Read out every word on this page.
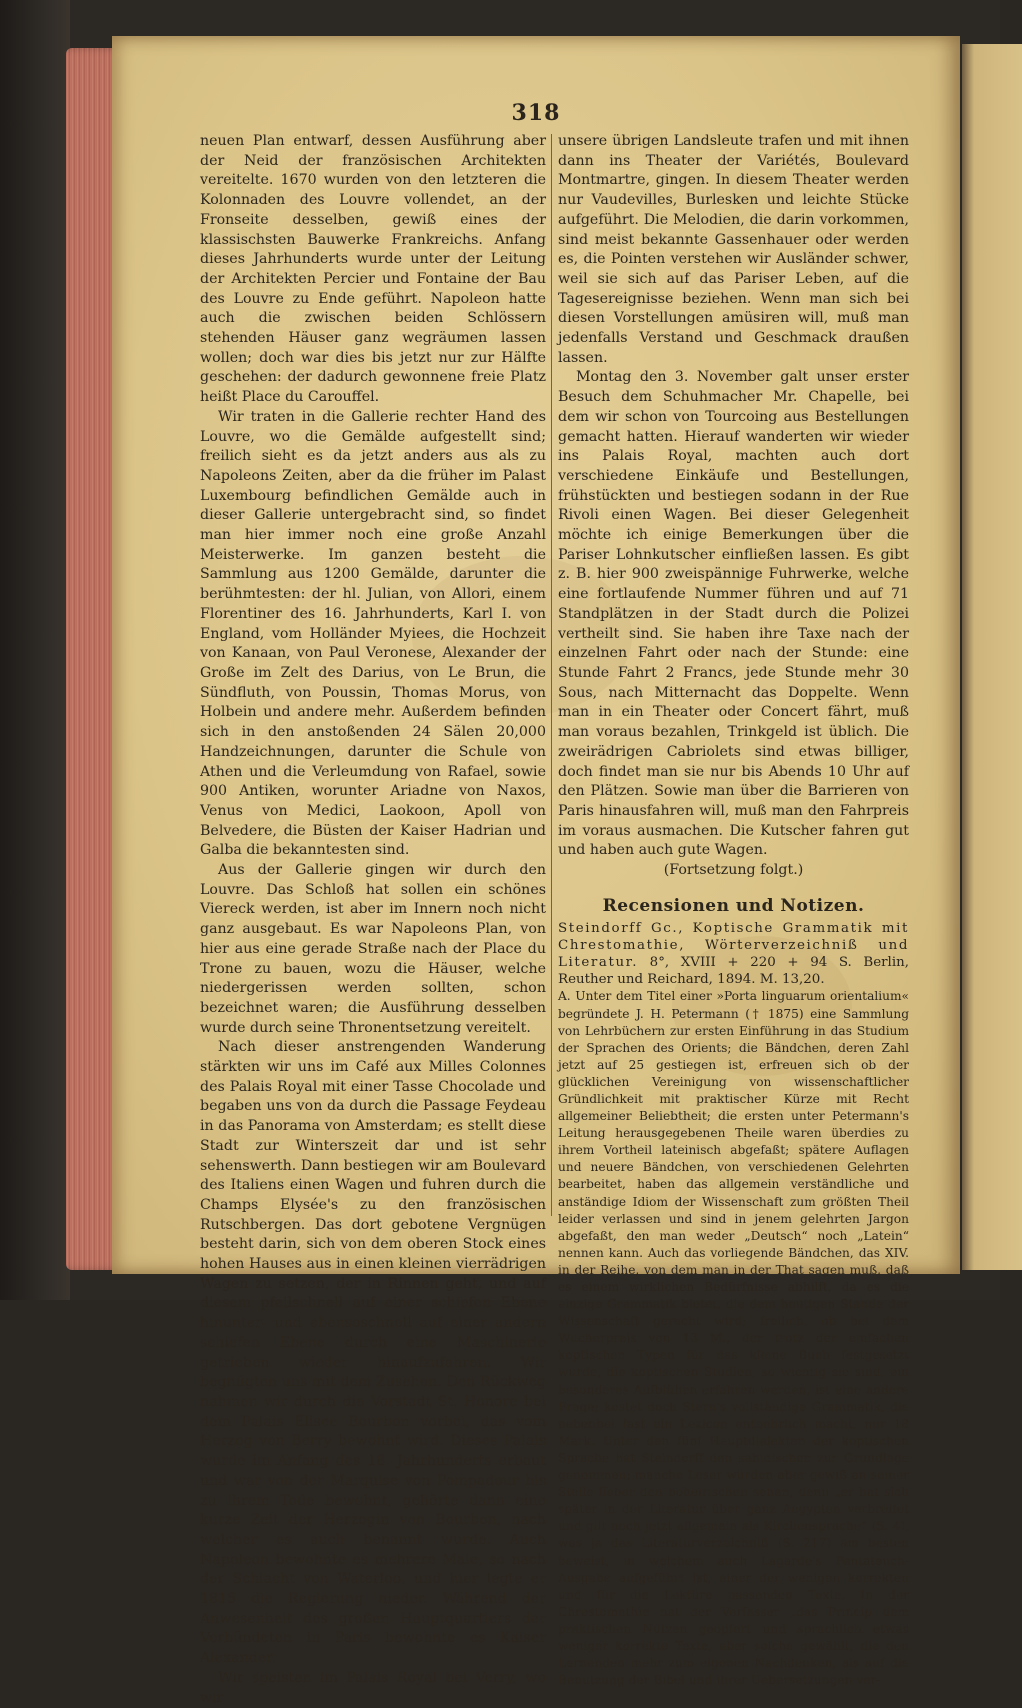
318

neuen Plan entwarf, dessen Ausführung aber der Neid der französischen Architekten vereitelte. 1670 wurden von den letzteren die Kolonnaden des Louvre vollendet, an der Fronseite desselben, gewiß eines der klassischsten Bauwerke Frankreichs. Anfang dieses Jahrhunderts wurde unter der Leitung der Architekten Percier und Fontaine der Bau des Louvre zu Ende geführt. Napoleon hatte auch die zwischen beiden Schlössern stehenden Häuser ganz wegräumen lassen wollen; doch war dies bis jetzt nur zur Hälfte geschehen: der dadurch gewonnene freie Platz heißt Place du Carouffel.

Wir traten in die Gallerie rechter Hand des Louvre, wo die Gemälde aufgestellt sind; freilich sieht es da jetzt anders aus als zu Napoleons Zeiten, aber da die früher im Palast Luxembourg befindlichen Gemälde auch in dieser Gallerie untergebracht sind, so findet man hier immer noch eine große Anzahl Meisterwerke. Im ganzen besteht die Sammlung aus 1200 Gemälde, darunter die berühmtesten: der hl. Julian, von Allori, einem Florentiner des 16. Jahrhunderts, Karl I. von England, vom Holländer Myiees, die Hochzeit von Kanaan, von Paul Veronese, Alexander der Große im Zelt des Darius, von Le Brun, die Sündfluth, von Poussin, Thomas Morus, von Holbein und andere mehr. Außerdem befinden sich in den anstoßenden 24 Sälen 20,000 Handzeichnungen, darunter die Schule von Athen und die Verleumdung von Rafael, sowie 900 Antiken, worunter Ariadne von Naxos, Venus von Medici, Laokoon, Apoll von Belvedere, die Büsten der Kaiser Hadrian und Galba die bekanntesten sind.

Aus der Gallerie gingen wir durch den Louvre. Das Schloß hat sollen ein schönes Viereck werden, ist aber im Innern noch nicht ganz ausgebaut. Es war Napoleons Plan, von hier aus eine gerade Straße nach der Place du Trone zu bauen, wozu die Häuser, welche niedergerissen werden sollten, schon bezeichnet waren; die Ausführung desselben wurde durch seine Thronentsetzung vereitelt.

Nach dieser anstrengenden Wanderung stärkten wir uns im Café aux Milles Colonnes des Palais Royal mit einer Tasse Chocolade und begaben uns von da durch die Passage Feydeau in das Panorama von Amsterdam; es stellt diese Stadt zur Winterszeit dar und ist sehr sehenswerth. Dann bestiegen wir am Boulevard des Italiens einen Wagen und fuhren durch die Champs Elysée's zu den französischen Rutschbergen. Das dort gebotene Vergnügen besteht darin, sich von dem oberen Stock eines hohen Hauses aus in einen kleinen vierrädrigen Wagen zu setzen, der in Rinnen geht, und auf diesem pfeilschnell auf einer schiefen Ebene hinunter- und ebensoschnell auf einer andern schiefen Ebene durch eine Maschinerie getrieben wieder hinaufzufahren. Wir begnügten uns mit dem Zusehen. Den Rückweg nahmen wir durch die Vorstadt St. Honore bei dem Palais Elisee Bourbon vorbei, das vom Herzog von Berry bewohnt wird. Dieses Palais wurde im Anfang des 18. Jahrhunderts erbaut und war von der Marquise von Pompadour bis zu ihrem Tode bewohnt, gehörte dann eine kurze Zeit der Herzogin von Bourbon, nach welcher es auch benannt wurde. Auch Napoleon bewohnte es mehrere Male, so nach der Schlacht von Waterloo, und hier legte er 1815 die Regierung nieder. Während der Anwesenheit des großen Hauptquartiers der Verbündeten in Paris bewohnte es Kaiser Alexander.

Wir speisten im Palais Royal bei Verry, wo wir

unsere übrigen Landsleute trafen und mit ihnen dann ins Theater der Variétés, Boulevard Montmartre, gingen. In diesem Theater werden nur Vaudevilles, Burlesken und leichte Stücke aufgeführt. Die Melodien, die darin vorkommen, sind meist bekannte Gassenhauer oder werden es, die Pointen verstehen wir Ausländer schwer, weil sie sich auf das Pariser Leben, auf die Tagesereignisse beziehen. Wenn man sich bei diesen Vorstellungen amüsiren will, muß man jedenfalls Verstand und Geschmack draußen lassen.

Montag den 3. November galt unser erster Besuch dem Schuhmacher Mr. Chapelle, bei dem wir schon von Tourcoing aus Bestellungen gemacht hatten. Hierauf wanderten wir wieder ins Palais Royal, machten auch dort verschiedene Einkäufe und Bestellungen, frühstückten und bestiegen sodann in der Rue Rivoli einen Wagen. Bei dieser Gelegenheit möchte ich einige Bemerkungen über die Pariser Lohnkutscher einfließen lassen. Es gibt z. B. hier 900 zweispännige Fuhrwerke, welche eine fortlaufende Nummer führen und auf 71 Standplätzen in der Stadt durch die Polizei vertheilt sind. Sie haben ihre Taxe nach der einzelnen Fahrt oder nach der Stunde: eine Stunde Fahrt 2 Francs, jede Stunde mehr 30 Sous, nach Mitternacht das Doppelte. Wenn man in ein Theater oder Concert fährt, muß man voraus bezahlen, Trinkgeld ist üblich. Die zweirädrigen Cabriolets sind etwas billiger, doch findet man sie nur bis Abends 10 Uhr auf den Plätzen. Sowie man über die Barrieren von Paris hinausfahren will, muß man den Fahrpreis im voraus ausmachen. Die Kutscher fahren gut und haben auch gute Wagen.

(Fortsetzung folgt.)

Recensionen und Notizen.

Steindorff Gc., Koptische Grammatik mit Chrestomathie, Wörterverzeichniß und Literatur. 8°, XVIII + 220 + 94 S. Berlin, Reuther und Reichard, 1894. M. 13,20.

A. Unter dem Titel einer »Porta linguarum orientalium« begründete J. H. Petermann († 1875) eine Sammlung von Lehrbüchern zur ersten Einführung in das Studium der Sprachen des Orients; die Bändchen, deren Zahl jetzt auf 25 gestiegen ist, erfreuen sich ob der glücklichen Vereinigung von wissenschaftlicher Gründlichkeit mit praktischer Kürze mit Recht allgemeiner Beliebtheit; die ersten unter Petermann's Leitung herausgegebenen Theile waren überdies zu ihrem Vortheil lateinisch abgefaßt; spätere Auflagen und neuere Bändchen, von verschiedenen Gelehrten bearbeitet, haben das allgemein verständliche und anständige Idiom der Wissenschaft zum größten Theil leider verlassen und sind in jenem gelehrten Jargon abgefaßt, den man weder „Deutsch“ noch „Latein“ nennen kann. Auch das vorliegende Bändchen, das XIV. in der Reihe, von dem man in der That sagen muß, daß es einem wirklichen Bedürfnisse abhilft, da es die einzige Grammatik bietet, die dem heutigen Stande der Wissenschaft gerecht wird; freilich, ob bei dem Wucherpreis von 13 M., der trotz der einfachen koptischen Typen für das kleine Buch festgesetzt wurde, die koptischen Studien, so wichtig sie sind, ein besonderes Aufblühen erfahren werden, ist eine andere Frage; kostet doch Stern's vollständige Grammatik, die nebenbei fast ein Lexicon entbehrlich macht, nur 18 Mark. Unter den fünf Hauptdialekten der koptischen Sprache hat Steindorff den sahidischen zur Grundlage genommen; manche Leser würden aber gewiß an seiner Stelle lieber den boheirischen sehen, denn „er hat sich später in der Literatur über ganz Aegypten verbreitet und gilt noch jetzt allgemein als Kirchensprache“ (S. 4), was ja das Literaturverzeichniß (S. 217) am besten beweist, in welchem auch Lagarde's Pentateuch-Ausgabe aufgeführt ist, einer der wenigen korrekten und für die Lektüre passenden Texte. In der Chrestomathie hat der Verfasser „das Princip dem praktischen Nutzen geopfert und sprachlich etwas weniger korrekte Texte, aber solche gewählt, die den Lernenden mehr zum eigenen Nachdenken, als auf die Benutzung der Bibel und ihrer Uebersetzungen ver-
